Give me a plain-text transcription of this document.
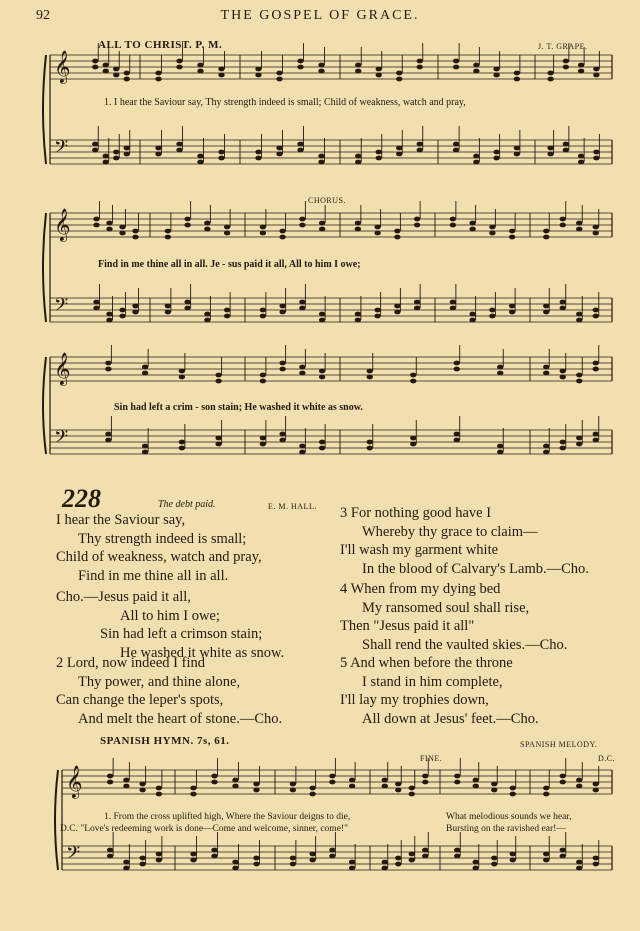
92	THE GOSPEL OF GRACE.
ALL TO CHRIST. P. M.	J. T. GRAPE.
𝄞
𝄢
𝄞
𝄢
𝄞
𝄢
𝄞
𝄢
1. I hear the Saviour say, Thy strength indeed is small; Child of weakness, watch and pray,
CHORUS.
Find in me thine all in all. Je - sus paid it all, All to him I owe;
Sin had left a crim - son stain; He washed it white as snow.
228	The debt paid.	E. M. HALL.
I hear the Saviour say,
Thy strength indeed is small;
Child of weakness, watch and pray,
Find in me thine all in all.
Cho.—Jesus paid it all,
All to him I owe;
Sin had left a crimson stain;
He washed it white as snow.
2 Lord, now indeed I find
Thy power, and thine alone,
Can change the leper's spots,
And melt the heart of stone.—Cho.
3 For nothing good have I
Whereby thy grace to claim—
I'll wash my garment white
In the blood of Calvary's Lamb.—Cho.
4 When from my dying bed
My ransomed soul shall rise,
Then "Jesus paid it all"
Shall rend the vaulted skies.—Cho.
5 And when before the throne
I stand in him complete,
I'll lay my trophies down,
All down at Jesus' feet.—Cho.
SPANISH HYMN. 7s, 61.	SPANISH MELODY.
FINE.	D.C.
1. From the cross uplifted high, Where the Saviour deigns to die,
D.C. "Love's redeeming work is done—Come and welcome, sinner, come!"
What melodious sounds we hear,
Bursting on the ravished ear!—
